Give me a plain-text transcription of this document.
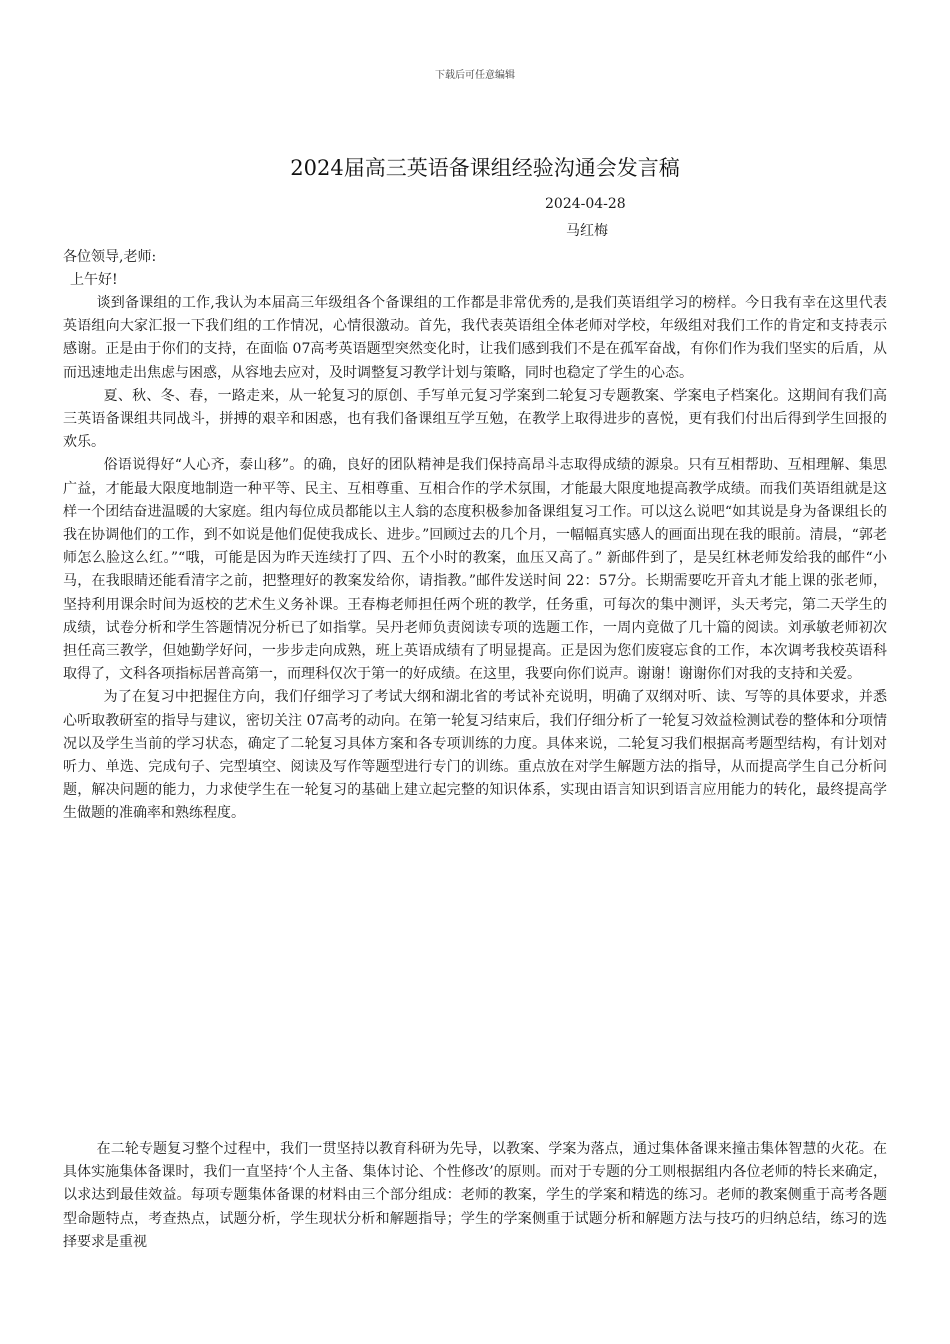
下载后可任意编辑
2024届高三英语备课组经验沟通会发言稿
2024-04-28
马红梅
各位领导,老师:
上午好!

谈到备课组的工作,我认为本届高三年级组各个备课组的工作都是非常优秀的,是我们英语组学习的榜样。今日我有幸在这里代表英语组向大家汇报一下我们组的工作情况，心情很激动。首先，我代表英语组全体老师对学校，年级组对我们工作的肯定和支持表示感谢。正是由于你们的支持，在面临 07高考英语题型突然变化时，让我们感到我们不是在孤军奋战，有你们作为我们坚实的后盾，从而迅速地走出焦虑与困惑，从容地去应对，及时调整复习教学计划与策略，同时也稳定了学生的心态。

夏、秋、冬、春，一路走来，从一轮复习的原创、手写单元复习学案到二轮复习专题教案、学案电子档案化。这期间有我们高三英语备课组共同战斗，拼搏的艰辛和困惑，也有我们备课组互学互勉，在教学上取得进步的喜悦，更有我们付出后得到学生回报的欢乐。

俗语说得好“人心齐，泰山移”。的确，良好的团队精神是我们保持高昂斗志取得成绩的源泉。只有互相帮助、互相理解、集思广益，才能最大限度地制造一种平等、民主、互相尊重、互相合作的学术氛围，才能最大限度地提高教学成绩。而我们英语组就是这样一个团结奋进温暖的大家庭。组内每位成员都能以主人翁的态度积极参加备课组复习工作。可以这么说吧“如其说是身为备课组长的我在协调他们的工作，到不如说是他们促使我成长、进步。”回顾过去的几个月，一幅幅真实感人的画面出现在我的眼前。清晨，“郭老师怎么脸这么红。”“哦，可能是因为昨天连续打了四、五个小时的教案，血压又高了。” 新邮件到了，是吴红林老师发给我的邮件“小马，在我眼睛还能看清字之前，把整理好的教案发给你，请指教。”邮件发送时间 22：57分。长期需要吃开音丸才能上课的张老师，坚持利用课余时间为返校的艺术生义务补课。王春梅老师担任两个班的教学，任务重，可每次的集中测评，头天考完，第二天学生的成绩，试卷分析和学生答题情况分析已了如指掌。吴丹老师负责阅读专项的选题工作，一周内竟做了几十篇的阅读。刘承敏老师初次担任高三教学，但她勤学好问，一步步走向成熟，班上英语成绩有了明显提高。正是因为您们废寝忘食的工作，本次调考我校英语科取得了，文科各项指标居普高第一，而理科仅次于第一的好成绩。在这里，我要向你们说声。谢谢！谢谢你们对我的支持和关爱。

为了在复习中把握住方向，我们仔细学习了考试大纲和湖北省的考试补充说明，明确了双纲对听、读、写等的具体要求，并悉心听取教研室的指导与建议，密切关注 07高考的动向。在第一轮复习结束后，我们仔细分析了一轮复习效益检测试卷的整体和分项情况以及学生当前的学习状态，确定了二轮复习具体方案和各专项训练的力度。具体来说，二轮复习我们根据高考题型结构，有计划对听力、单选、完成句子、完型填空、阅读及写作等题型进行专门的训练。重点放在对学生解题方法的指导，从而提高学生自己分析问题，解决问题的能力，力求使学生在一轮复习的基础上建立起完整的知识体系，实现由语言知识到语言应用能力的转化，最终提高学生做题的准确率和熟练程度。

在二轮专题复习整个过程中，我们一贯坚持以教育科研为先导，以教案、学案为落点，通过集体备课来撞击集体智慧的火花。在具体实施集体备课时，我们一直坚持‘个人主备、集体讨论、个性修改’的原则。而对于专题的分工则根据组内各位老师的特长来确定，以求达到最佳效益。每项专题集体备课的材料由三个部分组成：老师的教案，学生的学案和精选的练习。老师的教案侧重于高考各题型命题特点，考查热点，试题分析，学生现状分析和解题指导；学生的学案侧重于试题分析和解题方法与技巧的归纳总结，练习的选择要求是重视
